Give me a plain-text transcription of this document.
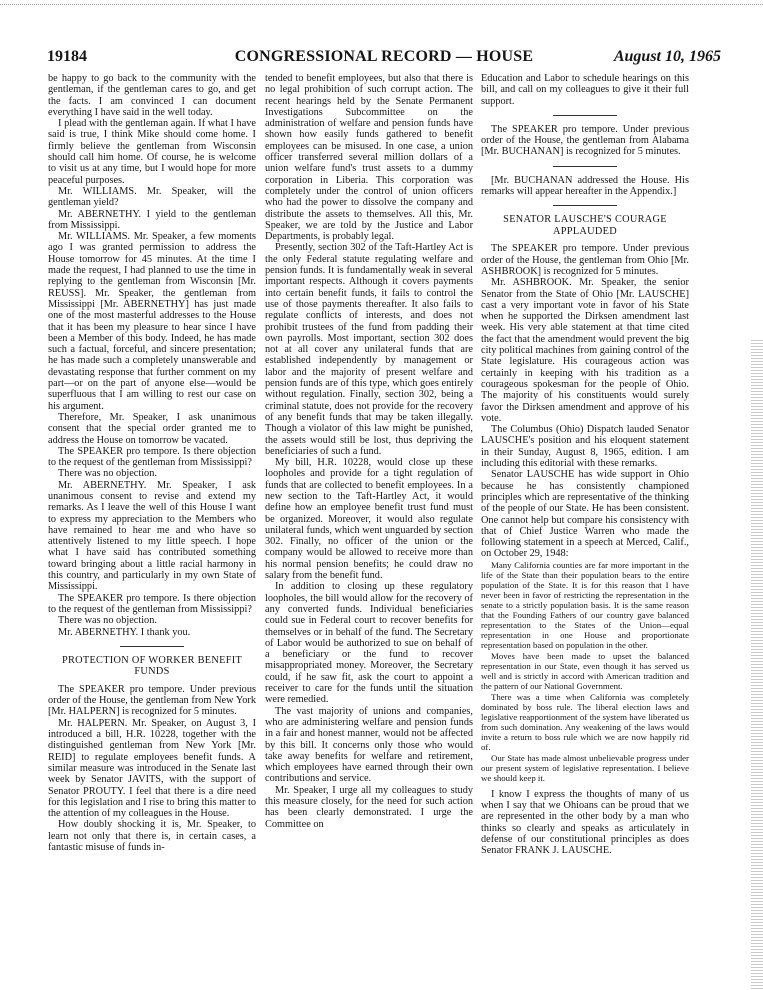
19184	CONGRESSIONAL RECORD — HOUSE	August 10, 1965

be happy to go back to the community with the gentleman, if the gentleman cares to go, and get the facts. I am convinced I can document everything I have said in the well today.

I plead with the gentleman again. If what I have said is true, I think Mike should come home. I firmly believe the gentleman from Wisconsin should call him home. Of course, he is welcome to visit us at any time, but I would hope for more peaceful purposes.

Mr. WILLIAMS. Mr. Speaker, will the gentleman yield?

Mr. ABERNETHY. I yield to the gentleman from Mississippi.

Mr. WILLIAMS. Mr. Speaker, a few moments ago I was granted permission to address the House tomorrow for 45 minutes. At the time I made the request, I had planned to use the time in replying to the gentleman from Wisconsin [Mr. REUSS]. Mr. Speaker, the gentleman from Mississippi [Mr. ABERNETHY] has just made one of the most masterful addresses to the House that it has been my pleasure to hear since I have been a Member of this body. Indeed, he has made such a factual, forceful, and sincere presentation; he has made such a completely unanswerable and devastating response that further comment on my part—or on the part of anyone else—would be superfluous that I am willing to rest our case on his argument.

Therefore, Mr. Speaker, I ask unanimous consent that the special order granted me to address the House on tomorrow be vacated.

The SPEAKER pro tempore. Is there objection to the request of the gentleman from Mississippi?

There was no objection.

Mr. ABERNETHY. Mr. Speaker, I ask unanimous consent to revise and extend my remarks. As I leave the well of this House I want to express my appreciation to the Members who have remained to hear me and who have so attentively listened to my little speech. I hope what I have said has contributed something toward bringing about a little racial harmony in this country, and particularly in my own State of Mississippi.

The SPEAKER pro tempore. Is there objection to the request of the gentleman from Mississippi?

There was no objection.

Mr. ABERNETHY. I thank you.

PROTECTION OF WORKER BENEFIT FUNDS

The SPEAKER pro tempore. Under previous order of the House, the gentleman from New York [Mr. HALPERN] is recognized for 5 minutes.

Mr. HALPERN. Mr. Speaker, on August 3, I introduced a bill, H.R. 10228, together with the distinguished gentleman from New York [Mr. REID] to regulate employees benefit funds. A similar measure was introduced in the Senate last week by Senator JAVITS, with the support of Senator PROUTY. I feel that there is a dire need for this legislation and I rise to bring this matter to the attention of my colleagues in the House.

How doubly shocking it is, Mr. Speaker, to learn not only that there is, in certain cases, a fantastic misuse of funds in-

tended to benefit employees, but also that there is no legal prohibition of such corrupt action. The recent hearings held by the Senate Permanent Investigations Subcommittee on the administration of welfare and pension funds have shown how easily funds gathered to benefit employees can be misused. In one case, a union officer transferred several million dollars of a union welfare fund's trust assets to a dummy corporation in Liberia. This corporation was completely under the control of union officers who had the power to dissolve the company and distribute the assets to themselves. All this, Mr. Speaker, we are told by the Justice and Labor Departments, is probably legal.

Presently, section 302 of the Taft-Hartley Act is the only Federal statute regulating welfare and pension funds. It is fundamentally weak in several important respects. Although it covers payments into certain benefit funds, it fails to control the use of those payments thereafter. It also fails to regulate conflicts of interests, and does not prohibit trustees of the fund from padding their own payrolls. Most important, section 302 does not at all cover any unilateral funds that are established independently by management or labor and the majority of present welfare and pension funds are of this type, which goes entirely without regulation. Finally, section 302, being a criminal statute, does not provide for the recovery of any benefit funds that may be taken illegally. Though a violator of this law might be punished, the assets would still be lost, thus depriving the beneficiaries of such a fund.

My bill, H.R. 10228, would close up these loopholes and provide for a tight regulation of funds that are collected to benefit employees. In a new section to the Taft-Hartley Act, it would define how an employee benefit trust fund must be organized. Moreover, it would also regulate unilateral funds, which went unguarded by section 302. Finally, no officer of the union or the company would be allowed to receive more than his normal pension benefits; he could draw no salary from the benefit fund.

In addition to closing up these regulatory loopholes, the bill would allow for the recovery of any converted funds. Individual beneficiaries could sue in Federal court to recover benefits for themselves or in behalf of the fund. The Secretary of Labor would be authorized to sue on behalf of a beneficiary or the fund to recover misappropriated money. Moreover, the Secretary could, if he saw fit, ask the court to appoint a receiver to care for the funds until the situation were remedied.

The vast majority of unions and companies, who are administering welfare and pension funds in a fair and honest manner, would not be affected by this bill. It concerns only those who would take away benefits for welfare and retirement, which employees have earned through their own contributions and service.

Mr. Speaker, I urge all my colleagues to study this measure closely, for the need for such action has been clearly demonstrated. I urge the Committee on

Education and Labor to schedule hearings on this bill, and call on my colleagues to give it their full support.

The SPEAKER pro tempore. Under previous order of the House, the gentleman from Alabama [Mr. BUCHANAN] is recognized for 5 minutes.

[Mr. BUCHANAN addressed the House. His remarks will appear hereafter in the Appendix.]

SENATOR LAUSCHE'S COURAGE APPLAUDED

The SPEAKER pro tempore. Under previous order of the House, the gentleman from Ohio [Mr. ASHBROOK] is recognized for 5 minutes.

Mr. ASHBROOK. Mr. Speaker, the senior Senator from the State of Ohio [Mr. LAUSCHE] cast a very important vote in favor of his State when he supported the Dirksen amendment last week. His very able statement at that time cited the fact that the amendment would prevent the big city political machines from gaining control of the State legislature. His courageous action was certainly in keeping with his tradition as a courageous spokesman for the people of Ohio. The majority of his constituents would surely favor the Dirksen amendment and approve of his vote.

The Columbus (Ohio) Dispatch lauded Senator LAUSCHE's position and his eloquent statement in their Sunday, August 8, 1965, edition. I am including this editorial with these remarks.

Senator LAUSCHE has wide support in Ohio because he has consistently championed principles which are representative of the thinking of the people of our State. He has been consistent. One cannot help but compare his consistency with that of Chief Justice Warren who made the following statement in a speech at Merced, Calif., on October 29, 1948:

Many California counties are far more important in the life of the State than their population bears to the entire population of the State. It is for this reason that I have never been in favor of restricting the representation in the senate to a strictly population basis. It is the same reason that the Founding Fathers of our country gave balanced representation to the States of the Union—equal representation in one House and proportionate representation based on population in the other.

Moves have been made to upset the balanced representation in our State, even though it has served us well and is strictly in accord with American tradition and the pattern of our National Government.

There was a time when California was completely dominated by boss rule. The liberal election laws and legislative reapportionment of the system have liberated us from such domination. Any weakening of the laws would invite a return to boss rule which we are now happily rid of.

Our State has made almost unbelievable progress under our present system of legislative representation. I believe we should keep it.

I know I express the thoughts of many of us when I say that we Ohioans can be proud that we are represented in the other body by a man who thinks so clearly and speaks as articulately in defense of our constitutional principles as does Senator FRANK J. LAUSCHE.
